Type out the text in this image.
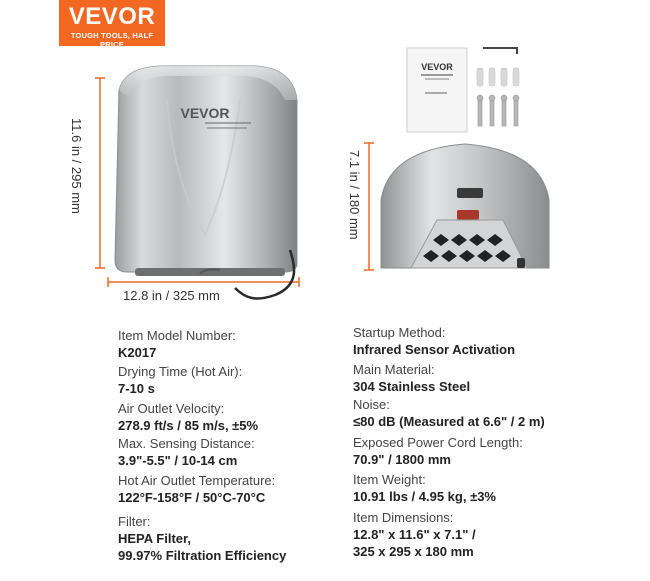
VEVOR
TOUGH TOOLS, HALF PRICE
VEVOR
11.6 in / 295 mm
12.8 in / 325 mm
VEVOR
7.1 in / 180 mm
Item Model Number:
K2017
Drying Time (Hot Air):
7-10 s
Air Outlet Velocity:
278.9 ft/s / 85 m/s, ±5%
Max. Sensing Distance:
3.9"-5.5" / 10-14 cm
Hot Air Outlet Temperature:
122°F-158°F / 50°C-70°C
Filter:
HEPA Filter,
99.97% Filtration Efficiency
Startup Method:
Infrared Sensor Activation
Main Material:
304 Stainless Steel
Noise:
≤80 dB (Measured at 6.6" / 2 m)
Exposed Power Cord Length:
70.9" / 1800 mm
Item Weight:
10.91 lbs / 4.95 kg, ±3%
Item Dimensions:
12.8" x 11.6" x 7.1" /
325 x 295 x 180 mm
